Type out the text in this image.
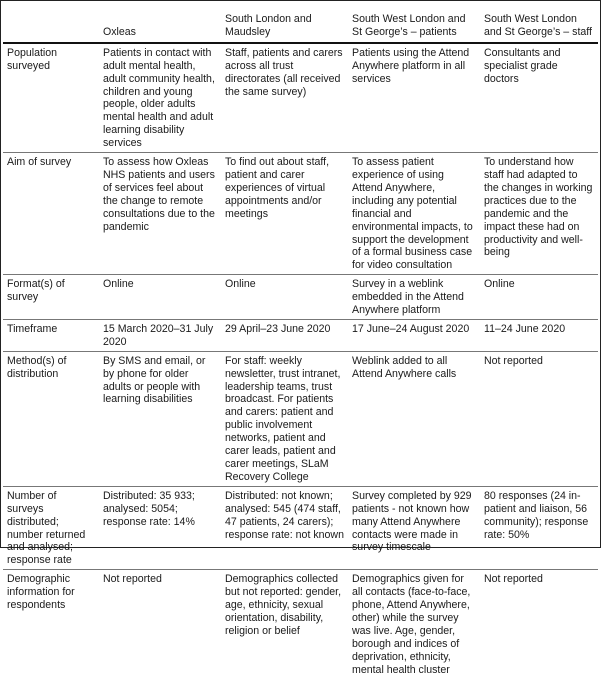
	Oxleas	South London and Maudsley	South West London and St George’s – patients	South West London and St George’s – staff
Population surveyed	Patients in contact with adult mental health, adult community health, children and young people, older adults mental health and adult learning disability services	Staff, patients and carers across all trust directorates (all received the same survey)	Patients using the Attend Anywhere platform in all services	Consultants and specialist grade doctors
Aim of survey	To assess how Oxleas NHS patients and users of services feel about the change to remote consultations due to the pandemic	To find out about staff, patient and carer experiences of virtual appointments and/or meetings	To assess patient experience of using Attend Anywhere, including any potential financial and environmental impacts, to support the development of a formal business case for video consultation	To understand how staff had adapted to the changes in working practices due to the pandemic and the impact these had on productivity and well-being
Format(s) of survey	Online	Online	Survey in a weblink embedded in the Attend Anywhere platform	Online
Timeframe	15 March 2020–31 July 2020	29 April–23 June 2020	17 June–24 August 2020	11–24 June 2020
Method(s) of distribution	By SMS and email, or by phone for older adults or people with learning disabilities	For staff: weekly newsletter, trust intranet, leadership teams, trust broadcast. For patients and carers: patient and public involvement networks, patient and carer leads, patient and carer meetings, SLaM Recovery College	Weblink added to all Attend Anywhere calls	Not reported
Number of surveys distributed; number returned and analysed; response rate	Distributed: 35 933; analysed: 5054; response rate: 14%	Distributed: not known; analysed: 545 (474 staff, 47 patients, 24 carers); response rate: not known	Survey completed by 929 patients - not known how many Attend Anywhere contacts were made in survey timescale	80 responses (24 in-patient and liaison, 56 community); response rate: 50%
Demographic information for respondents	Not reported	Demographics collected but not reported: gender, age, ethnicity, sexual orientation, disability, religion or belief	Demographics given for all contacts (face-to-face, phone, Attend Anywhere, other) while the survey was live. Age, gender, borough and indices of deprivation, ethnicity, mental health cluster	Not reported
